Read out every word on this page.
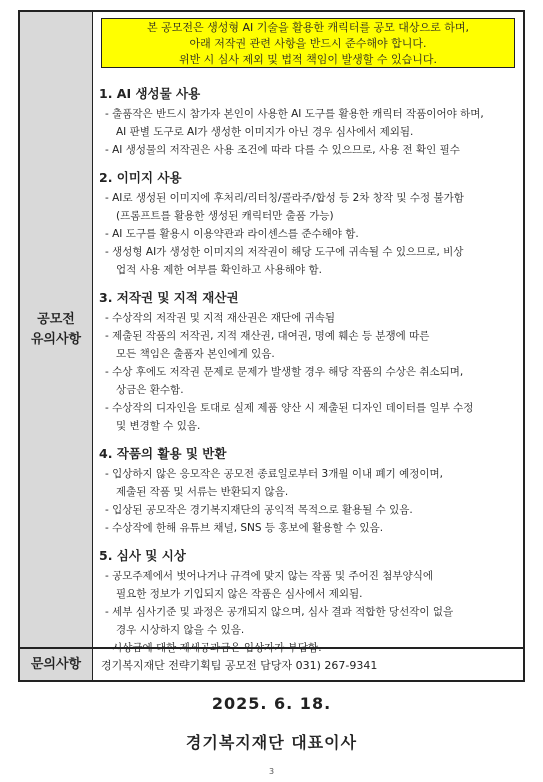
공모전
유의사항
본 공모전은 생성형 AI 기술을 활용한 캐릭터를 공모 대상으로 하며,
아래 저작권 관련 사항을 반드시 준수해야 합니다.
위반 시 심사 제외 및 법적 책임이 발생할 수 있습니다.
1. AI 생성물 사용
- 출품작은 반드시 참가자 본인이 사용한 AI 도구를 활용한 캐릭터 작품이어야 하며,
AI 판별 도구로 AI가 생성한 이미지가 아닌 경우 심사에서 제외됨.
- AI 생성물의 저작권은 사용 조건에 따라 다를 수 있으므로, 사용 전 확인 필수
2. 이미지 사용
- AI로 생성된 이미지에 후처리/리터칭/콜라주/합성 등 2차 창작 및 수정 불가함
(프롬프트를 활용한 생성된 캐릭터만 출품 가능)
- AI 도구를 활용시 이용약관과 라이센스를 준수해야 함.
- 생성형 AI가 생성한 이미지의 저작권이 해당 도구에 귀속될 수 있으므로, 비상
업적 사용 제한 여부를 확인하고 사용해야 함.
3. 저작권 및 지적 재산권
- 수상작의 저작권 및 지적 재산권은 재단에 귀속됨
- 제출된 작품의 저작권, 지적 재산권, 대여권, 명예 훼손 등 분쟁에 따른
모든 책임은 출품자 본인에게 있음.
- 수상 후에도 저작권 문제로 문제가 발생할 경우 해당 작품의 수상은 취소되며,
상금은 환수함.
- 수상작의 디자인을 토대로 실제 제품 양산 시 제출된 디자인 데이터를 일부 수정
및 변경할 수 있음.
4. 작품의 활용 및 반환
- 입상하지 않은 응모작은 공모전 종료일로부터 3개월 이내 폐기 예정이며,
제출된 작품 및 서류는 반환되지 않음.
- 입상된 공모작은 경기복지재단의 공익적 목적으로 활용될 수 있음.
- 수상작에 한해 유튜브 채널, SNS 등 홍보에 활용할 수 있음.
5. 심사 및 시상
- 공모주제에서 벗어나거나 규격에 맞지 않는 작품 및 주어진 첨부양식에
필요한 정보가 기입되지 않은 작품은 심사에서 제외됨.
- 세부 심사기준 및 과정은 공개되지 않으며, 심사 결과 적합한 당선작이 없을
경우 시상하지 않을 수 있음.
- 시상금에 대한 제세공과금은 입상자가 부담함.
문의사항	경기복지재단 전략기획팀 공모전 담당자 031) 267-9341
2025. 6. 18.
경기복지재단 대표이사
3
